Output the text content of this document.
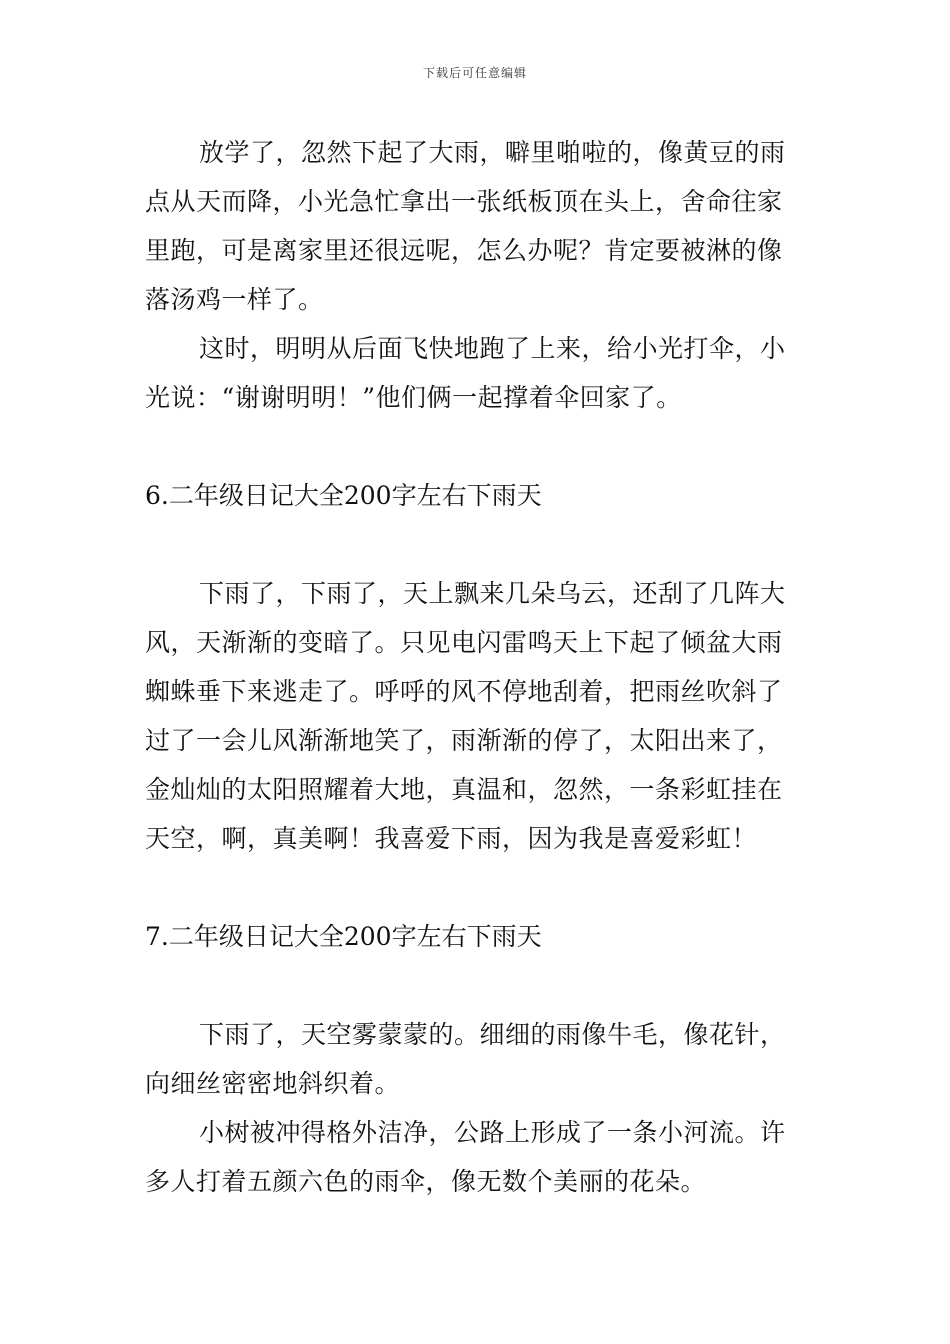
下载后可任意编辑
放学了，忽然下起了大雨，噼里啪啦的，像黄豆的雨
点从天而降，小光急忙拿出一张纸板顶在头上，舍命往家
里跑，可是离家里还很远呢，怎么办呢？肯定要被淋的像
落汤鸡一样了。
这时，明明从后面飞快地跑了上来，给小光打伞，小
光说：“谢谢明明！”他们俩一起撑着伞回家了。
6.二年级日记大全200字左右下雨天
下雨了，下雨了，天上飘来几朵乌云，还刮了几阵大
风，天渐渐的变暗了。只见电闪雷鸣天上下起了倾盆大雨
蜘蛛垂下来逃走了。呼呼的风不停地刮着，把雨丝吹斜了
过了一会儿风渐渐地笑了，雨渐渐的停了，太阳出来了，
金灿灿的太阳照耀着大地，真温和，忽然，一条彩虹挂在
天空，啊，真美啊！我喜爱下雨，因为我是喜爱彩虹！
7.二年级日记大全200字左右下雨天
下雨了，天空雾蒙蒙的。细细的雨像牛毛，像花针，
向细丝密密地斜织着。
小树被冲得格外洁净，公路上形成了一条小河流。许
多人打着五颜六色的雨伞，像无数个美丽的花朵。
